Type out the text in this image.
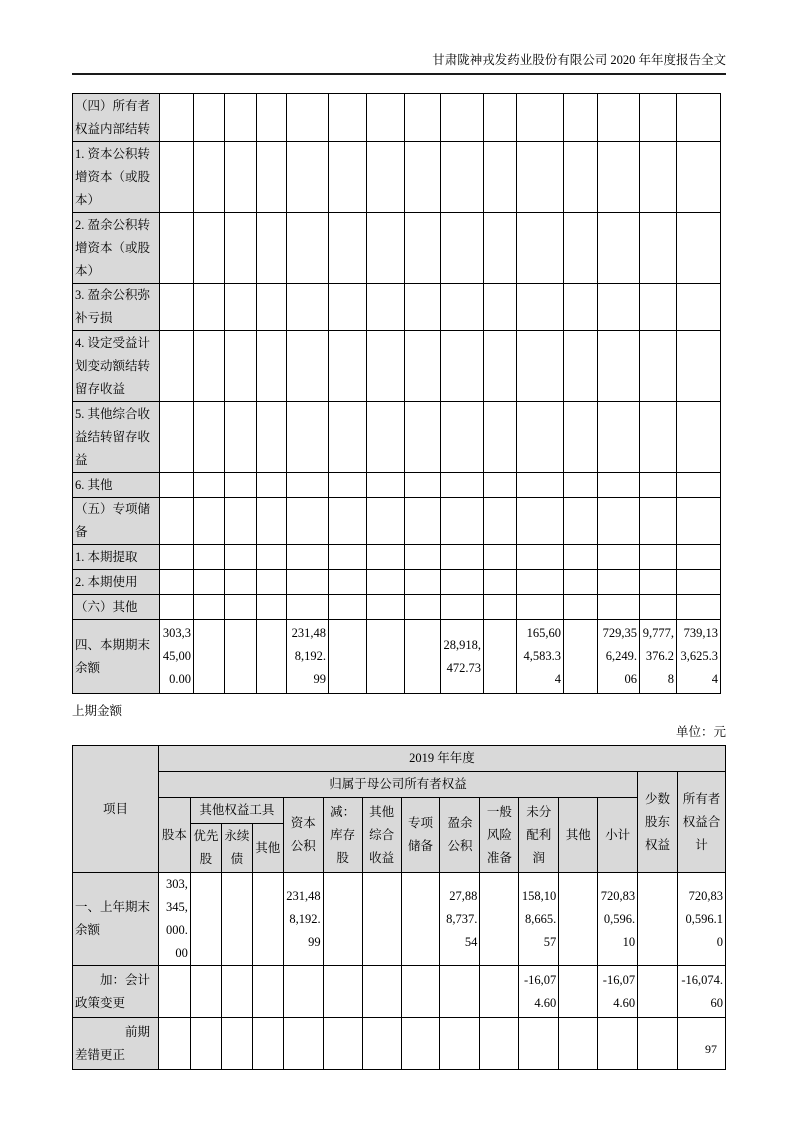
甘肃陇神戎发药业股份有限公司 2020 年年度报告全文
（四）所有者权益内部结转															
1. 资本公积转增资本（或股本）															
2. 盈余公积转增资本（或股本）															
3. 盈余公积弥补亏损															
4. 设定受益计划变动额结转留存收益															
5. 其他综合收益结转留存收益															
6. 其他															
（五）专项储备															
1. 本期提取															
2. 本期使用															
（六）其他															
四、本期期末余额	303,345,000.00				231,488,192.99				28,918,472.73		165,604,583.34		729,356,249.06	9,777,376.28	739,133,625.34
上期金额
单位：元
项目	2019 年年度														
	归属于母公司所有者权益													少数股东权益	所有者权益合计
	股本	其他权益工具			资本公积	减：库存股	其他综合收益	专项储备	盈余公积	一般风险准备	未分配利润	其他	小计		
		优先股	永续债	其他											
一、上年期末余额	303,345,000.00				231,488,192.99				27,888,737.54		158,108,665.57		720,830,596.10		720,830,596.10
加：会计政策变更											-16,074.60		-16,074.60		-16,074.60
前期差错更正																97
